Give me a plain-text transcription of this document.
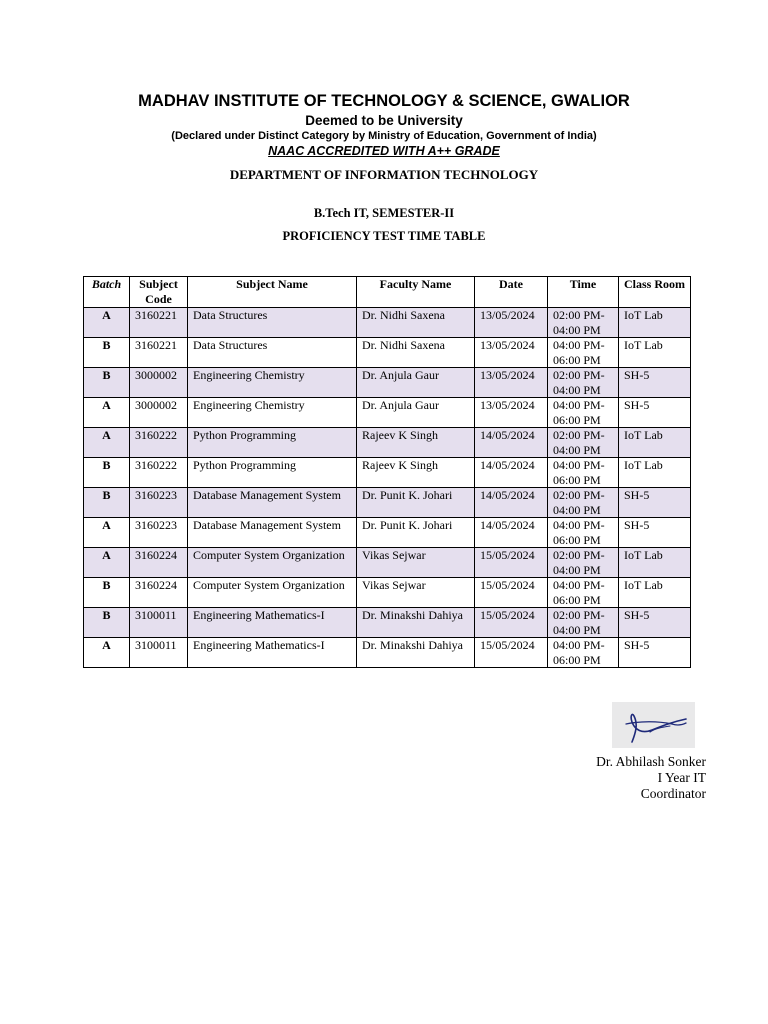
MADHAV INSTITUTE OF TECHNOLOGY & SCIENCE, GWALIOR
Deemed to be University
(Declared under Distinct Category by Ministry of Education, Government of India)
NAAC ACCREDITED WITH A++ GRADE
DEPARTMENT OF INFORMATION TECHNOLOGY
B.Tech IT, SEMESTER-II
PROFICIENCY TEST TIME TABLE
Batch	Subject Code	Subject Name	Faculty Name	Date	Time	Class Room
A	3160221	Data Structures	Dr. Nidhi Saxena	13/05/2024	02:00 PM-04:00 PM	IoT Lab
B	3160221	Data Structures	Dr. Nidhi Saxena	13/05/2024	04:00 PM-06:00 PM	IoT Lab
B	3000002	Engineering Chemistry	Dr. Anjula Gaur	13/05/2024	02:00 PM-04:00 PM	SH-5
A	3000002	Engineering Chemistry	Dr. Anjula Gaur	13/05/2024	04:00 PM-06:00 PM	SH-5
A	3160222	Python Programming	Rajeev K Singh	14/05/2024	02:00 PM-04:00 PM	IoT Lab
B	3160222	Python Programming	Rajeev K Singh	14/05/2024	04:00 PM-06:00 PM	IoT Lab
B	3160223	Database Management System	Dr. Punit K. Johari	14/05/2024	02:00 PM-04:00 PM	SH-5
A	3160223	Database Management System	Dr. Punit K. Johari	14/05/2024	04:00 PM-06:00 PM	SH-5
A	3160224	Computer System Organization	Vikas Sejwar	15/05/2024	02:00 PM-04:00 PM	IoT Lab
B	3160224	Computer System Organization	Vikas Sejwar	15/05/2024	04:00 PM-06:00 PM	IoT Lab
B	3100011	Engineering Mathematics-I	Dr. Minakshi Dahiya	15/05/2024	02:00 PM-04:00 PM	SH-5
A	3100011	Engineering Mathematics-I	Dr. Minakshi Dahiya	15/05/2024	04:00 PM-06:00 PM	SH-5
Dr. Abhilash Sonker
I Year IT
Coordinator
